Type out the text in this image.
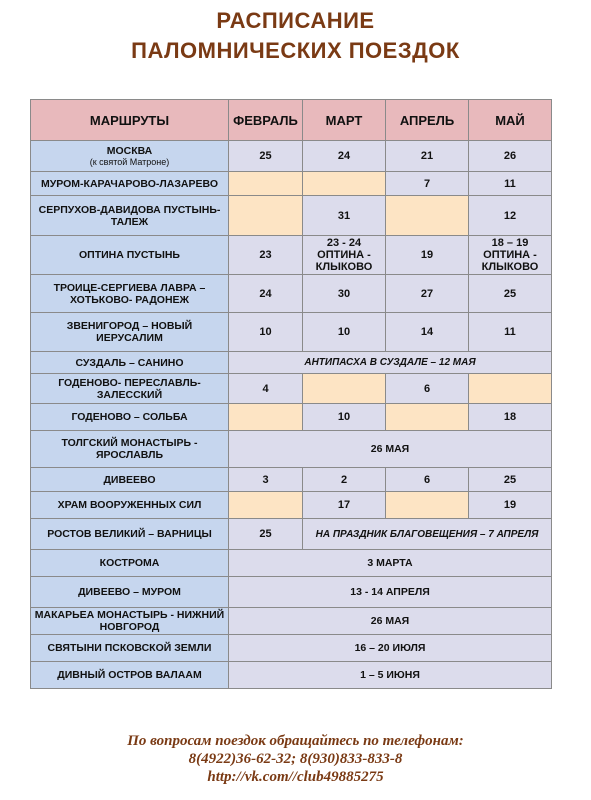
РАСПИСАНИЕ
ПАЛОМНИЧЕСКИХ ПОЕЗДОК
МАРШРУТЫ	ФЕВРАЛЬ	МАРТ	АПРЕЛЬ	МАЙ
МОСКВА
(к святой Матроне)	25	24	21	26
МУРОМ-КАРАЧАРОВО-ЛАЗАРЕВО			7	11
СЕРПУХОВ-ДАВИДОВА ПУСТЫНЬ-ТАЛЕЖ		31		12
ОПТИНА ПУСТЫНЬ	23	23 - 24 ОПТИНА - КЛЫКОВО	19	18 – 19 ОПТИНА - КЛЫКОВО
ТРОИЦЕ-СЕРГИЕВА ЛАВРА – ХОТЬКОВО- РАДОНЕЖ	24	30	27	25
ЗВЕНИГОРОД – НОВЫЙ ИЕРУСАЛИМ	10	10	14	11
СУЗДАЛЬ – САНИНО	АНТИПАСХА В СУЗДАЛЕ – 12 МАЯ			
ГОДЕНОВО- ПЕРЕСЛАВЛЬ-ЗАЛЕССКИЙ	4		6	
ГОДЕНОВО – СОЛЬБА		10		18
ТОЛГСКИЙ МОНАСТЫРЬ - ЯРОСЛАВЛЬ	26 МАЯ			
ДИВЕЕВО	3	2	6	25
ХРАМ ВООРУЖЕННЫХ СИЛ		17		19
РОСТОВ ВЕЛИКИЙ – ВАРНИЦЫ	25	НА ПРАЗДНИК БЛАГОВЕЩЕНИЯ – 7 АПРЕЛЯ		
КОСТРОМА	3 МАРТА			
ДИВЕЕВО – МУРОМ	13 - 14 АПРЕЛЯ			
МАКАРЬЕА МОНАСТЫРЬ - НИЖНИЙ НОВГОРОД	26 МАЯ			
СВЯТЫНИ ПСКОВСКОЙ ЗЕМЛИ	16 – 20 ИЮЛЯ			
ДИВНЫЙ ОСТРОВ ВАЛААМ	1 – 5 ИЮНЯ			

По вопросам поездок обращайтесь по телефонам:

8(4922)36-62-32; 8(930)833-833-8

http://vk.com//club49885275
